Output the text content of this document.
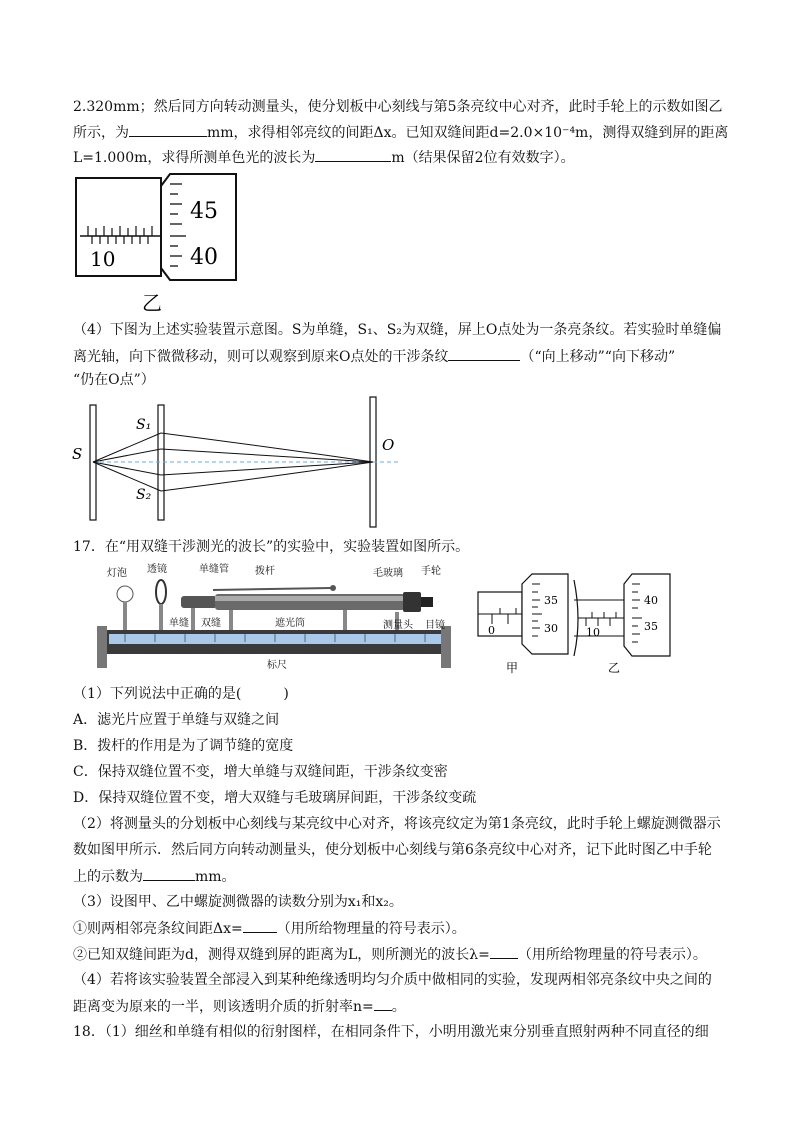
2.320mm；然后同方向转动测量头，使分划板中心刻线与第5条亮纹中心对齐，此时手轮上的示数如图乙
所示，为	mm，求得相邻亮纹的间距Δx。已知双缝间距d=2.0×10⁻⁴m，测得双缝到屏的距离
L=1.000m，求得所测单色光的波长为	m（结果保留2位有效数字）。
10
45
40
乙
（4）下图为上述实验装置示意图。S为单缝，S₁、S₂为双缝，屏上O点处为一条亮条纹。若实验时单缝偏
离光轴，向下微微移动，则可以观察到原来O点处的干涉条纹	（“向上移动”“向下移动”
“仍在O点”）
S
S₁
S₂
O
17．在“用双缝干涉测光的波长”的实验中，实验装置如图所示。
灯泡 透镜	单缝管	拨杆	毛玻璃 手轮
单缝 双缝	遮光筒	测量头 目镜
标尺
0
35
30
甲
10
40
35
乙
（1）下列说法中正确的是(　　　)
A．滤光片应置于单缝与双缝之间
B．拨杆的作用是为了调节缝的宽度
C．保持双缝位置不变，增大单缝与双缝间距，干涉条纹变密
D．保持双缝位置不变，增大双缝与毛玻璃屏间距，干涉条纹变疏
（2）将测量头的分划板中心刻线与某亮纹中心对齐，将该亮纹定为第1条亮纹，此时手轮上螺旋测微器示
数如图甲所示．然后同方向转动测量头，使分划板中心刻线与第6条亮纹中心对齐，记下此时图乙中手轮
上的示数为	mm。
（3）设图甲、乙中螺旋测微器的读数分别为x₁和x₂。
①则两相邻亮条纹间距Δx= （用所给物理量的符号表示）。
②已知双缝间距为d，测得双缝到屏的距离为L，则所测光的波长λ= （用所给物理量的符号表示）。
（4）若将该实验装置全部浸入到某种绝缘透明均匀介质中做相同的实验，发现两相邻亮条纹中央之间的
距离变为原来的一半，则该透明介质的折射率n= 。
18．（1）细丝和单缝有相似的衍射图样，在相同条件下，小明用激光束分别垂直照射两种不同直径的细
